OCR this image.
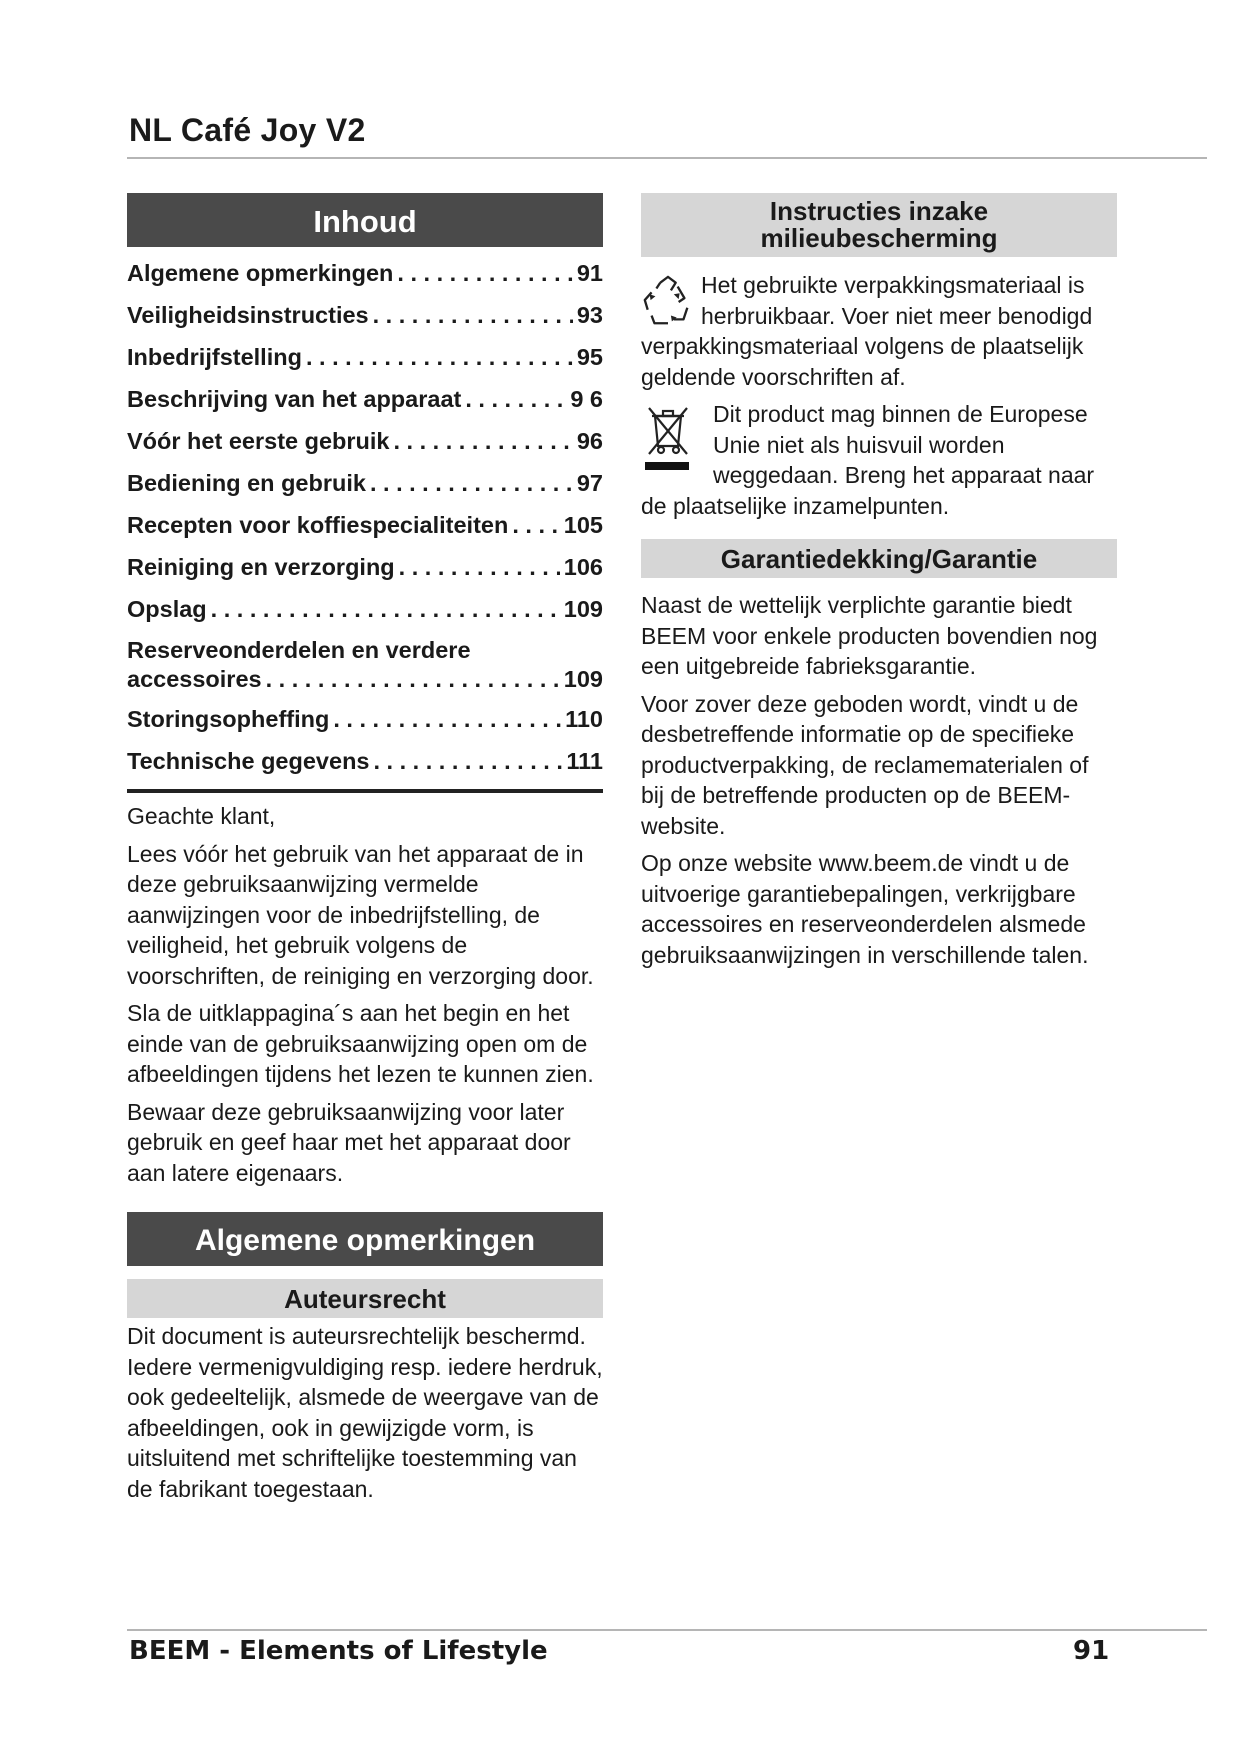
NL Café Joy V2
Inhoud
Algemene opmerkingen . . .	91
Veiligheidsinstructies . . .	93
Inbedrijfstelling . . .	95
Beschrijving van het apparaat . . .	9 6
Vóór het eerste gebruik . . .	96
Bediening en gebruik . . .	97
Recepten voor koffiespecialiteiten . . . 105
Reiniging en verzorging . . .	106
Opslag . . .	109
Reserveonderdelen en verdere
accessoires . . .	109
Storingsopheffing . . .	110
Technische gegevens . . .	111

Geachte klant,

Lees vóór het gebruik van het apparaat de in deze gebruiksaanwijzing vermelde aanwijzingen voor de inbedrijfstelling, de veiligheid, het gebruik volgens de voorschriften, de reiniging en verzorging door.

Sla de uitklappagina´s aan het begin en het einde van de gebruiksaanwijzing open om de afbeeldingen tijdens het lezen te kunnen zien.

Bewaar deze gebruiksaanwijzing voor later gebruik en geef haar met het apparaat door aan latere eigenaars.

Algemene opmerkingen
Auteursrecht

Dit document is auteursrechtelijk beschermd. Iedere vermenigvuldiging resp. iedere herdruk, ook gedeeltelijk, alsmede de weergave van de afbeeldingen, ook in gewijzigde vorm, is uitsluitend met schriftelijke toestemming van de fabrikant toegestaan.

Instructies inzake
milieubescherming

Het gebruikte verpakkingsmateriaal is herbruikbaar. Voer niet meer benodigd verpakkingsmateriaal volgens de plaatselijk geldende voorschriften af.

Dit product mag binnen de Europese Unie niet als huisvuil worden weggedaan. Breng het apparaat naar de plaatselijke inzamelpunten.

Garantiedekking/Garantie

Naast de wettelijk verplichte garantie biedt BEEM voor enkele producten bovendien nog een uitgebreide fabrieksgarantie.

Voor zover deze geboden wordt, vindt u de desbetreffende informatie op de specifieke productverpakking, de reclamematerialen of bij de betreffende producten op de BEEM-website.

Op onze website www.beem.de vindt u de uitvoerige garantiebepalingen, verkrijgbare accessoires en reserveonderdelen alsmede gebruiksaanwijzingen in verschillende talen.

BEEM - Elements of Lifestyle	91
